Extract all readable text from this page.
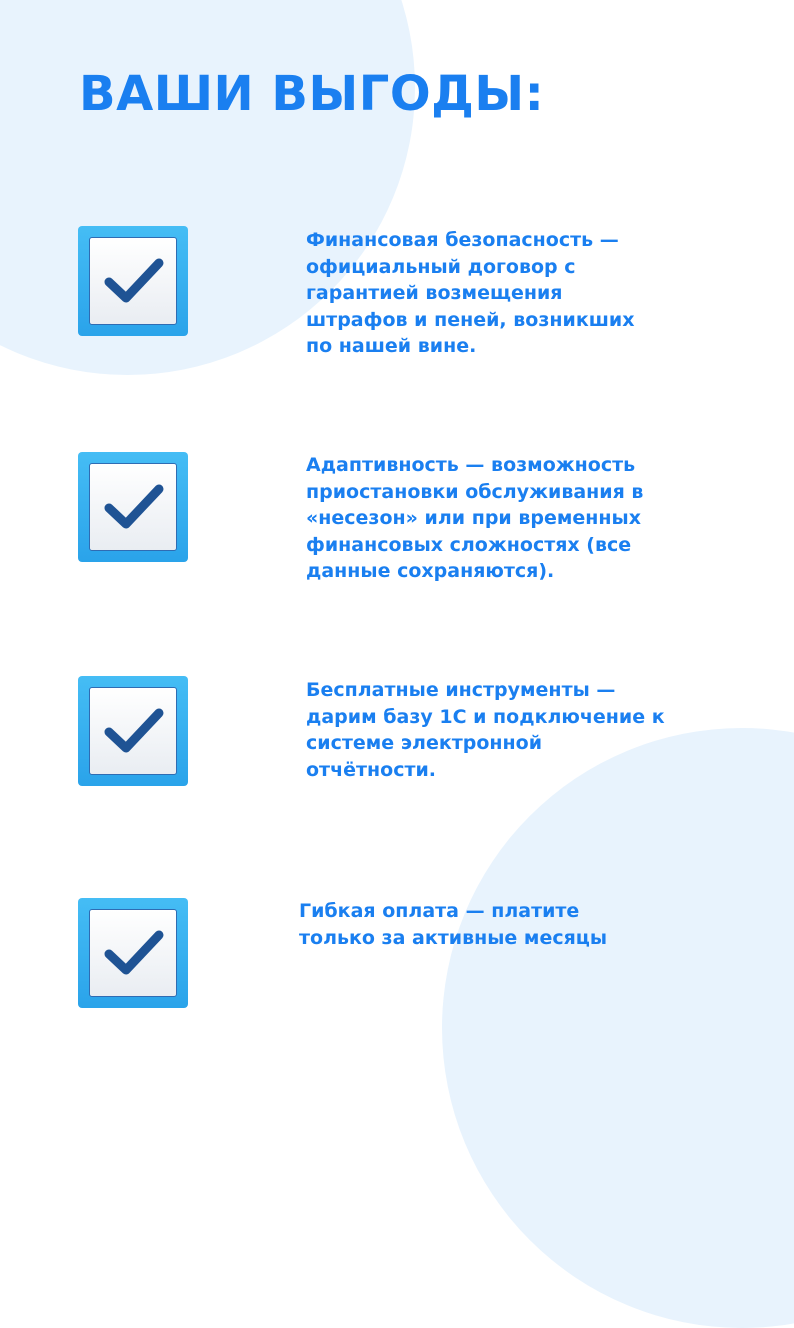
ВАШИ ВЫГОДЫ:

Финансовая безопасность —
официальный договор с
гарантией возмещения
штрафов и пеней, возникших
по нашей вине.

Адаптивность — возможность
приостановки обслуживания в
«несезон» или при временных
финансовых сложностях (все
данные сохраняются).

Бесплатные инструменты —
дарим базу 1С и подключение к
системе электронной
отчётности.

Гибкая оплата — платите
только за активные месяцы
